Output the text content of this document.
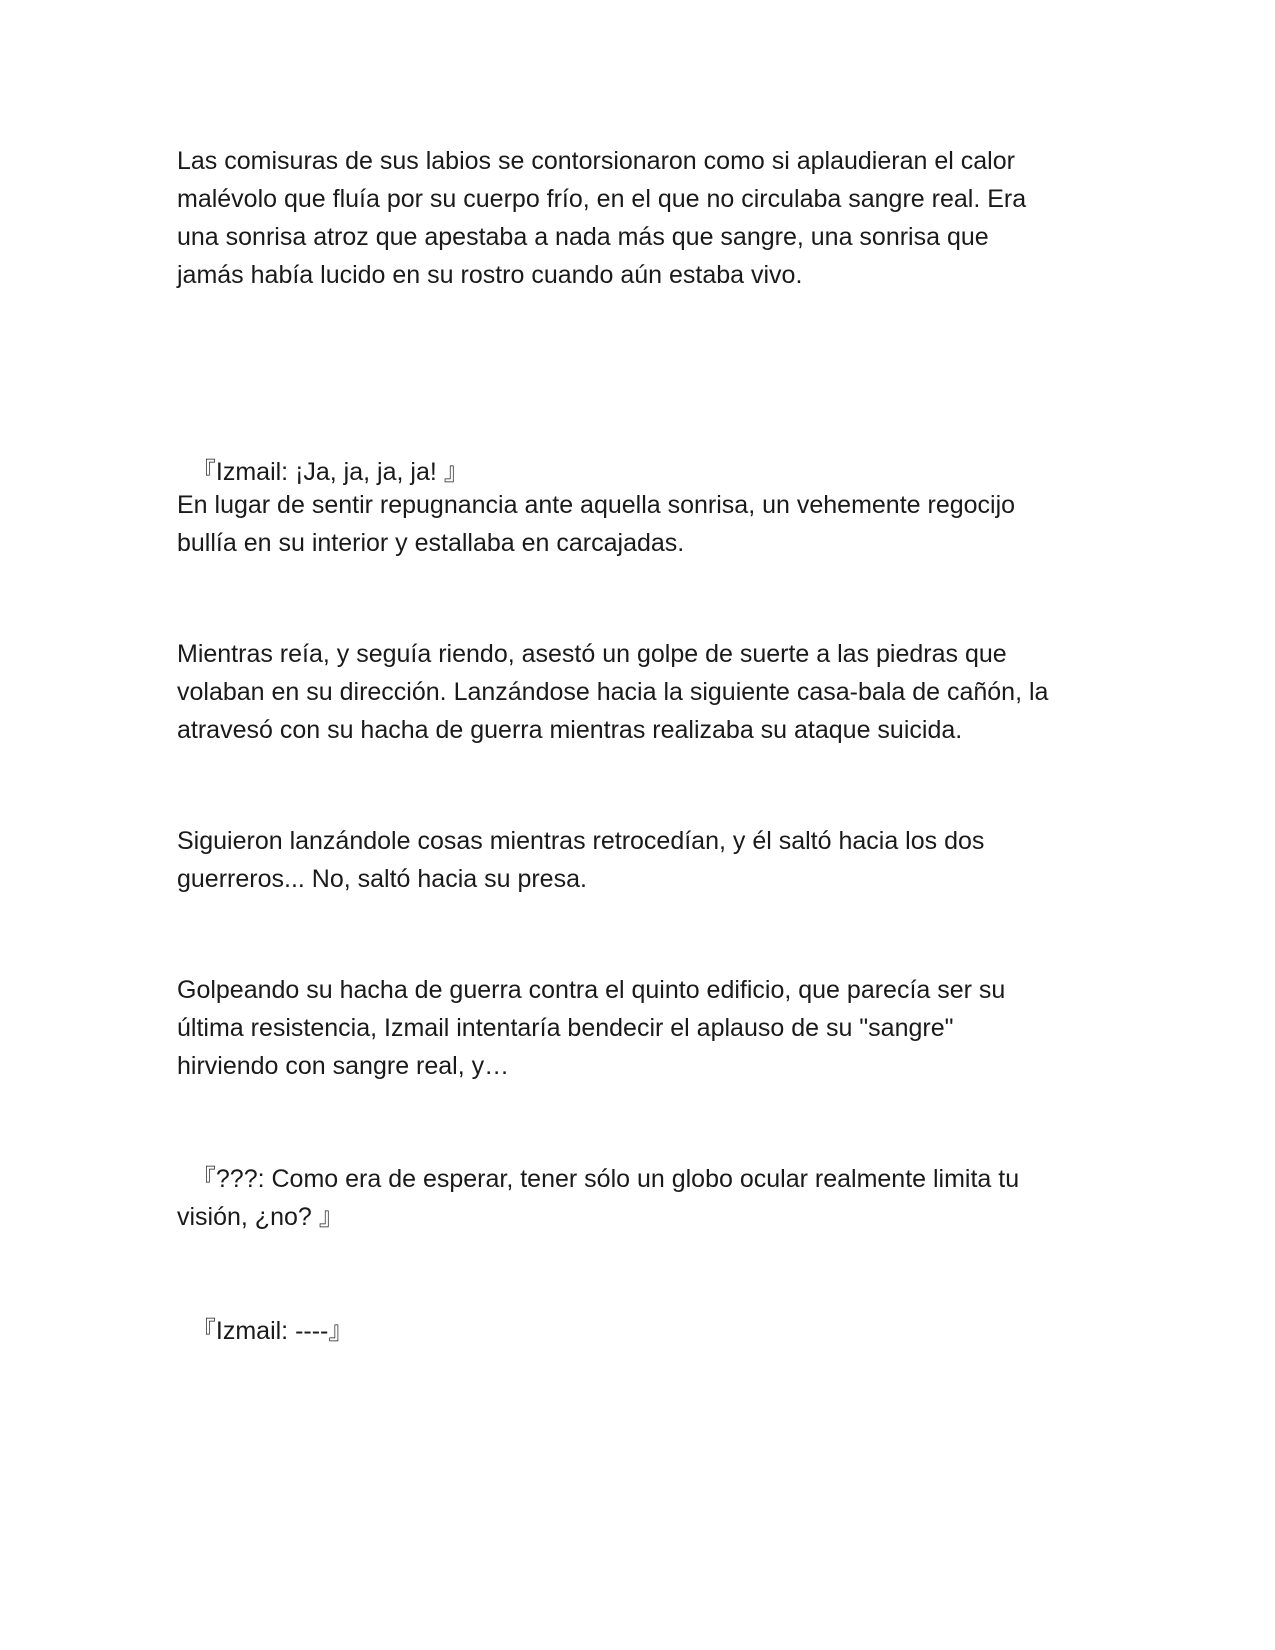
Las comisuras de sus labios se contorsionaron como si aplaudieran el calor
malévolo que fluía por su cuerpo frío, en el que no circulaba sangre real. Era
una sonrisa atroz que apestaba a nada más que sangre, una sonrisa que
jamás había lucido en su rostro cuando aún estaba vivo.

『Izmail: ¡Ja, ja, ja, ja! 』

En lugar de sentir repugnancia ante aquella sonrisa, un vehemente regocijo
bullía en su interior y estallaba en carcajadas.

Mientras reía, y seguía riendo, asestó un golpe de suerte a las piedras que
volaban en su dirección. Lanzándose hacia la siguiente casa-bala de cañón, la
atravesó con su hacha de guerra mientras realizaba su ataque suicida.

Siguieron lanzándole cosas mientras retrocedían, y él saltó hacia los dos
guerreros... No, saltó hacia su presa.

Golpeando su hacha de guerra contra el quinto edificio, que parecía ser su
última resistencia, Izmail intentaría bendecir el aplauso de su "sangre"
hirviendo con sangre real, y…

『???: Como era de esperar, tener sólo un globo ocular realmente limita tu
visión, ¿no? 』

『Izmail: ----』
